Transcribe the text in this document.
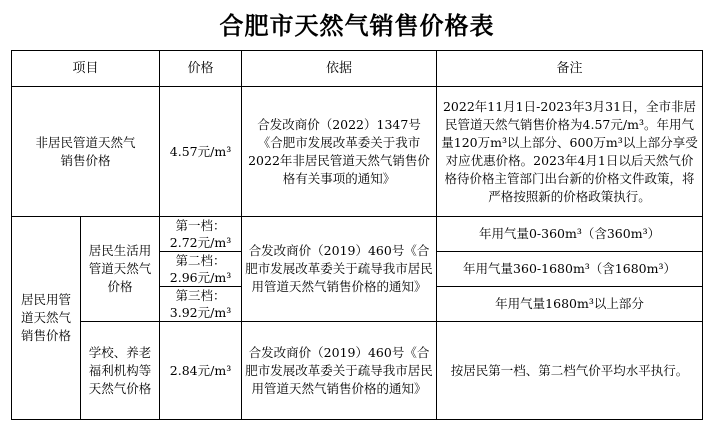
合肥市天然气销售价格表
项目		价格	依据	备注
非居民管道天然气销售价格		4.57元/m³	合发改商价（2022）1347号《合肥市发展改革委关于我市2022年非居民管道天然气销售价格有关事项的通知》	2022年11月1日-2023年3月31日，全市非居民管道天然气销售价格为4.57元/m³。年用气量120万m³以上部分、600万m³以上部分享受对应优惠价格。2023年4月1日以后天然气价格待价格主管部门出台新的价格文件政策，将严格按照新的价格政策执行。
居民用管道天然气销售价格	居民生活用管道天然气价格	第一档：
2.72元/m³	合发改商价（2019）460号《合肥市发展改革委关于疏导我市居民用管道天然气销售价格的通知》	年用气量0-360m³（含360m³）

		第二档：
2.96元/m³		年用气量360-1680m³（含1680m³）

		第三档：
3.92元/m³		年用气量1680m³以上部分
	学校、养老福利机构等天然气价格	2.84元/m³	合发改商价（2019）460号《合肥市发展改革委关于疏导我市居民用管道天然气销售价格的通知》	按居民第一档、第二档气价平均水平执行。
